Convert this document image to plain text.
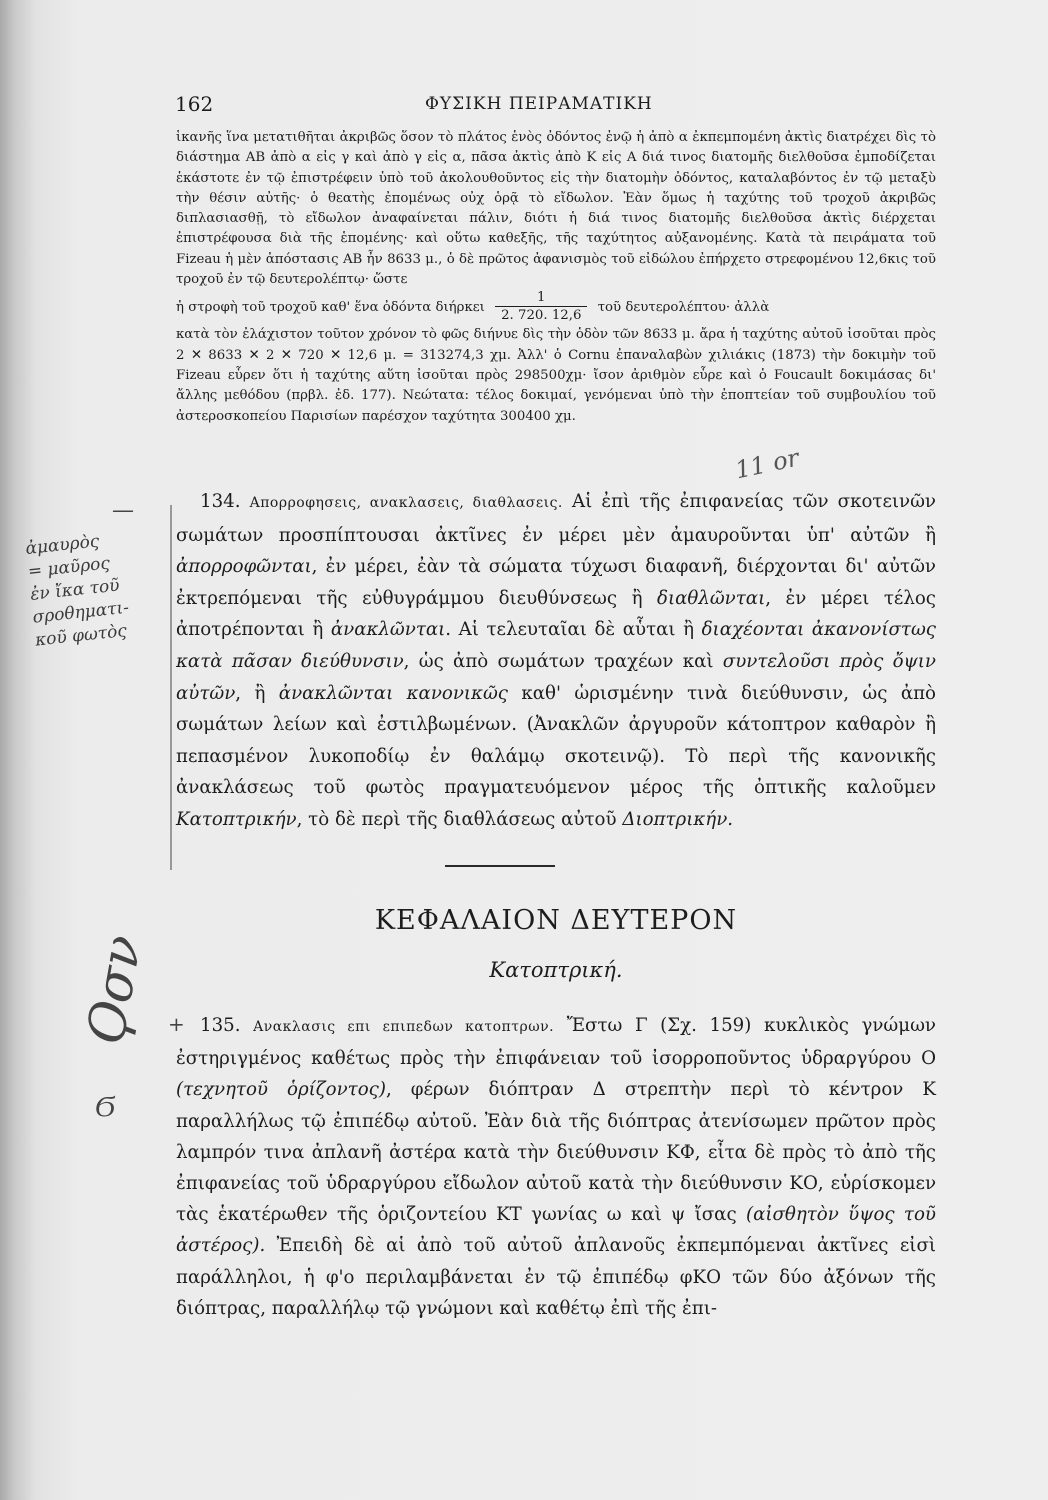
162	ΦΥΣΙΚΗ ΠΕΙΡΑΜΑΤΙΚΗ

ἱκανῆς ἵνα μετατιθῆται ἀκριβῶς ὅσον τὸ πλάτος ἑνὸς ὀδόντος ἐνῷ ἡ ἀπὸ α ἐκπεμπομένη ἀκτὶς διατρέχει δὶς τὸ διάστημα ΑΒ ἀπὸ α εἰς γ καὶ ἀπὸ γ εἰς α, πᾶσα ἀκτὶς ἀπὸ Κ εἰς Α διά τινος διατομῆς διελθοῦσα ἐμποδίζεται ἑκάστοτε ἐν τῷ ἐπιστρέφειν ὑπὸ τοῦ ἀκολουθοῦντος εἰς τὴν διατομὴν ὀδόντος, καταλαβόντος ἐν τῷ μεταξὺ τὴν θέσιν αὐτῆς· ὁ θεατὴς ἐπομένως οὐχ ὁρᾷ τὸ εἴδωλον. Ἐὰν ὅμως ἡ ταχύτης τοῦ τροχοῦ ἀκριβῶς διπλασιασθῇ, τὸ εἴδωλον ἀναφαίνεται πάλιν, διότι ἡ διά τινος διατομῆς διελθοῦσα ἀκτὶς διέρχεται ἐπιστρέφουσα διὰ τῆς ἑπομένης· καὶ οὕτω καθεξῆς, τῆς ταχύτητος αὐξανομένης. Κατὰ τὰ πειράματα τοῦ Fizeau ἡ μὲν ἀπόστασις ΑΒ ἦν 8633 μ., ὁ δὲ πρῶτος ἀφανισμὸς τοῦ εἰδώλου ἐπήρχετο στρεφομένου 12,6κις τοῦ τροχοῦ ἐν τῷ δευτερολέπτῳ· ὥστε

ἡ στροφὴ τοῦ τροχοῦ καθ' ἕνα ὀδόντα διήρκει $\frac{1}{2. 720. 12,6}$ τοῦ δευτερολέπτου· ἀλλὰ

κατὰ τὸν ἐλάχιστον τοῦτον χρόνον τὸ φῶς διήνυε δὶς τὴν ὁδὸν τῶν 8633 μ. ἄρα ἡ ταχύτης αὐτοῦ ἰσοῦται πρὸς 2 ✕ 8633 ✕ 2 ✕ 720 ✕ 12,6 μ. = 313274,3 χμ. Ἀλλ' ὁ Cornu ἐπαναλαβὼν χιλιάκις (1873) τὴν δοκιμὴν τοῦ Fizeau εὗρεν ὅτι ἡ ταχύτης αὕτη ἰσοῦται πρὸς 298500χμ· ἴσον ἀριθμὸν εὗρε καὶ ὁ Foucault δοκιμάσας δι' ἄλλης μεθόδου (πρβλ. ἐδ. 177). Νεώτατα: τέλος δοκιμαί, γενόμεναι ὑπὸ τὴν ἐποπτείαν τοῦ συμβουλίου τοῦ ἀστεροσκοπείου Παρισίων παρέσχον ταχύτητα 300400 χμ.

134. Απορροφησεις, ανακλασεις, διαθλασεις. Αἱ ἐπὶ τῆς ἐπιφανείας τῶν σκοτεινῶν σωμάτων προσπίπτουσαι ἀκτῖνες ἐν μέρει μὲν ἀμαυροῦνται ὑπ' αὐτῶν ἢ ἀπορροφῶνται, ἐν μέρει, ἐὰν τὰ σώματα τύχωσι διαφανῆ, διέρχονται δι' αὐτῶν ἐκτρεπόμεναι τῆς εὐθυγράμμου διευθύνσεως ἢ διαθλῶνται, ἐν μέρει τέλος ἀποτρέπονται ἢ ἀνακλῶνται. Αἱ τελευταῖαι δὲ αὗται ἢ διαχέονται ἀκανονίστως κατὰ πᾶσαν διεύθυνσιν, ὡς ἀπὸ σωμάτων τραχέων καὶ συντελοῦσι πρὸς ὄψιν αὐτῶν, ἢ ἀνακλῶνται κανονικῶς καθ' ὡρισμένην τινὰ διεύθυνσιν, ὡς ἀπὸ σωμάτων λείων καὶ ἐστιλβωμένων. (Ἀνακλῶν ἀργυροῦν κάτοπτρον καθαρὸν ἢ πεπασμένον λυκοποδίῳ ἐν θαλάμῳ σκοτεινῷ). Τὸ περὶ τῆς κανονικῆς ἀνακλάσεως τοῦ φωτὸς πραγματευόμενον μέρος τῆς ὀπτικῆς καλοῦμεν Κατοπτρικήν, τὸ δὲ περὶ τῆς διαθλάσεως αὐτοῦ Διοπτρικήν.

ΚΕΦΑΛΑΙΟΝ ΔΕΥΤΕΡΟΝ
Κατοπτρική.

135. Ανακλασις επι επιπεδων κατοπτρων. Ἔστω Γ (Σχ. 159) κυκλικὸς γνώμων ἐστηριγμένος καθέτως πρὸς τὴν ἐπιφάνειαν τοῦ ἰσορροποῦντος ὑδραργύρου Ο (τεχνητοῦ ὁρίζοντος), φέρων διόπτραν Δ στρεπτὴν περὶ τὸ κέντρον Κ παραλλήλως τῷ ἐπιπέδῳ αὐτοῦ. Ἐὰν διὰ τῆς διόπτρας ἀτενίσωμεν πρῶτον πρὸς λαμπρόν τινα ἀπλανῆ ἀστέρα κατὰ τὴν διεύθυνσιν ΚΦ, εἶτα δὲ πρὸς τὸ ἀπὸ τῆς ἐπιφανείας τοῦ ὑδραργύρου εἴδωλον αὐτοῦ κατὰ τὴν διεύθυνσιν ΚΟ, εὑρίσκομεν τὰς ἑκατέρωθεν τῆς ὁριζοντείου ΚΤ γωνίας ω καὶ ψ ἴσας (αἰσθητὸν ὕψος τοῦ ἀστέρος). Ἐπειδὴ δὲ αἱ ἀπὸ τοῦ αὐτοῦ ἀπλανοῦς ἐκπεμπόμεναι ἀκτῖνες εἰσὶ παράλληλοι, ἡ φ'ο περιλαμβάνεται ἐν τῷ ἐπιπέδῳ φΚΟ τῶν δύο ἀξόνων τῆς διόπτρας, παραλλήλῳ τῷ γνώμονι καὶ καθέτῳ ἐπὶ τῆς ἐπι-

—
ἀμαυρὸς
= μαῦρος
ἐν ἴκα τοῦ
σροθηματι-
κοῦ φωτὸς
11 or
Ϙσν
Ϭ
+
